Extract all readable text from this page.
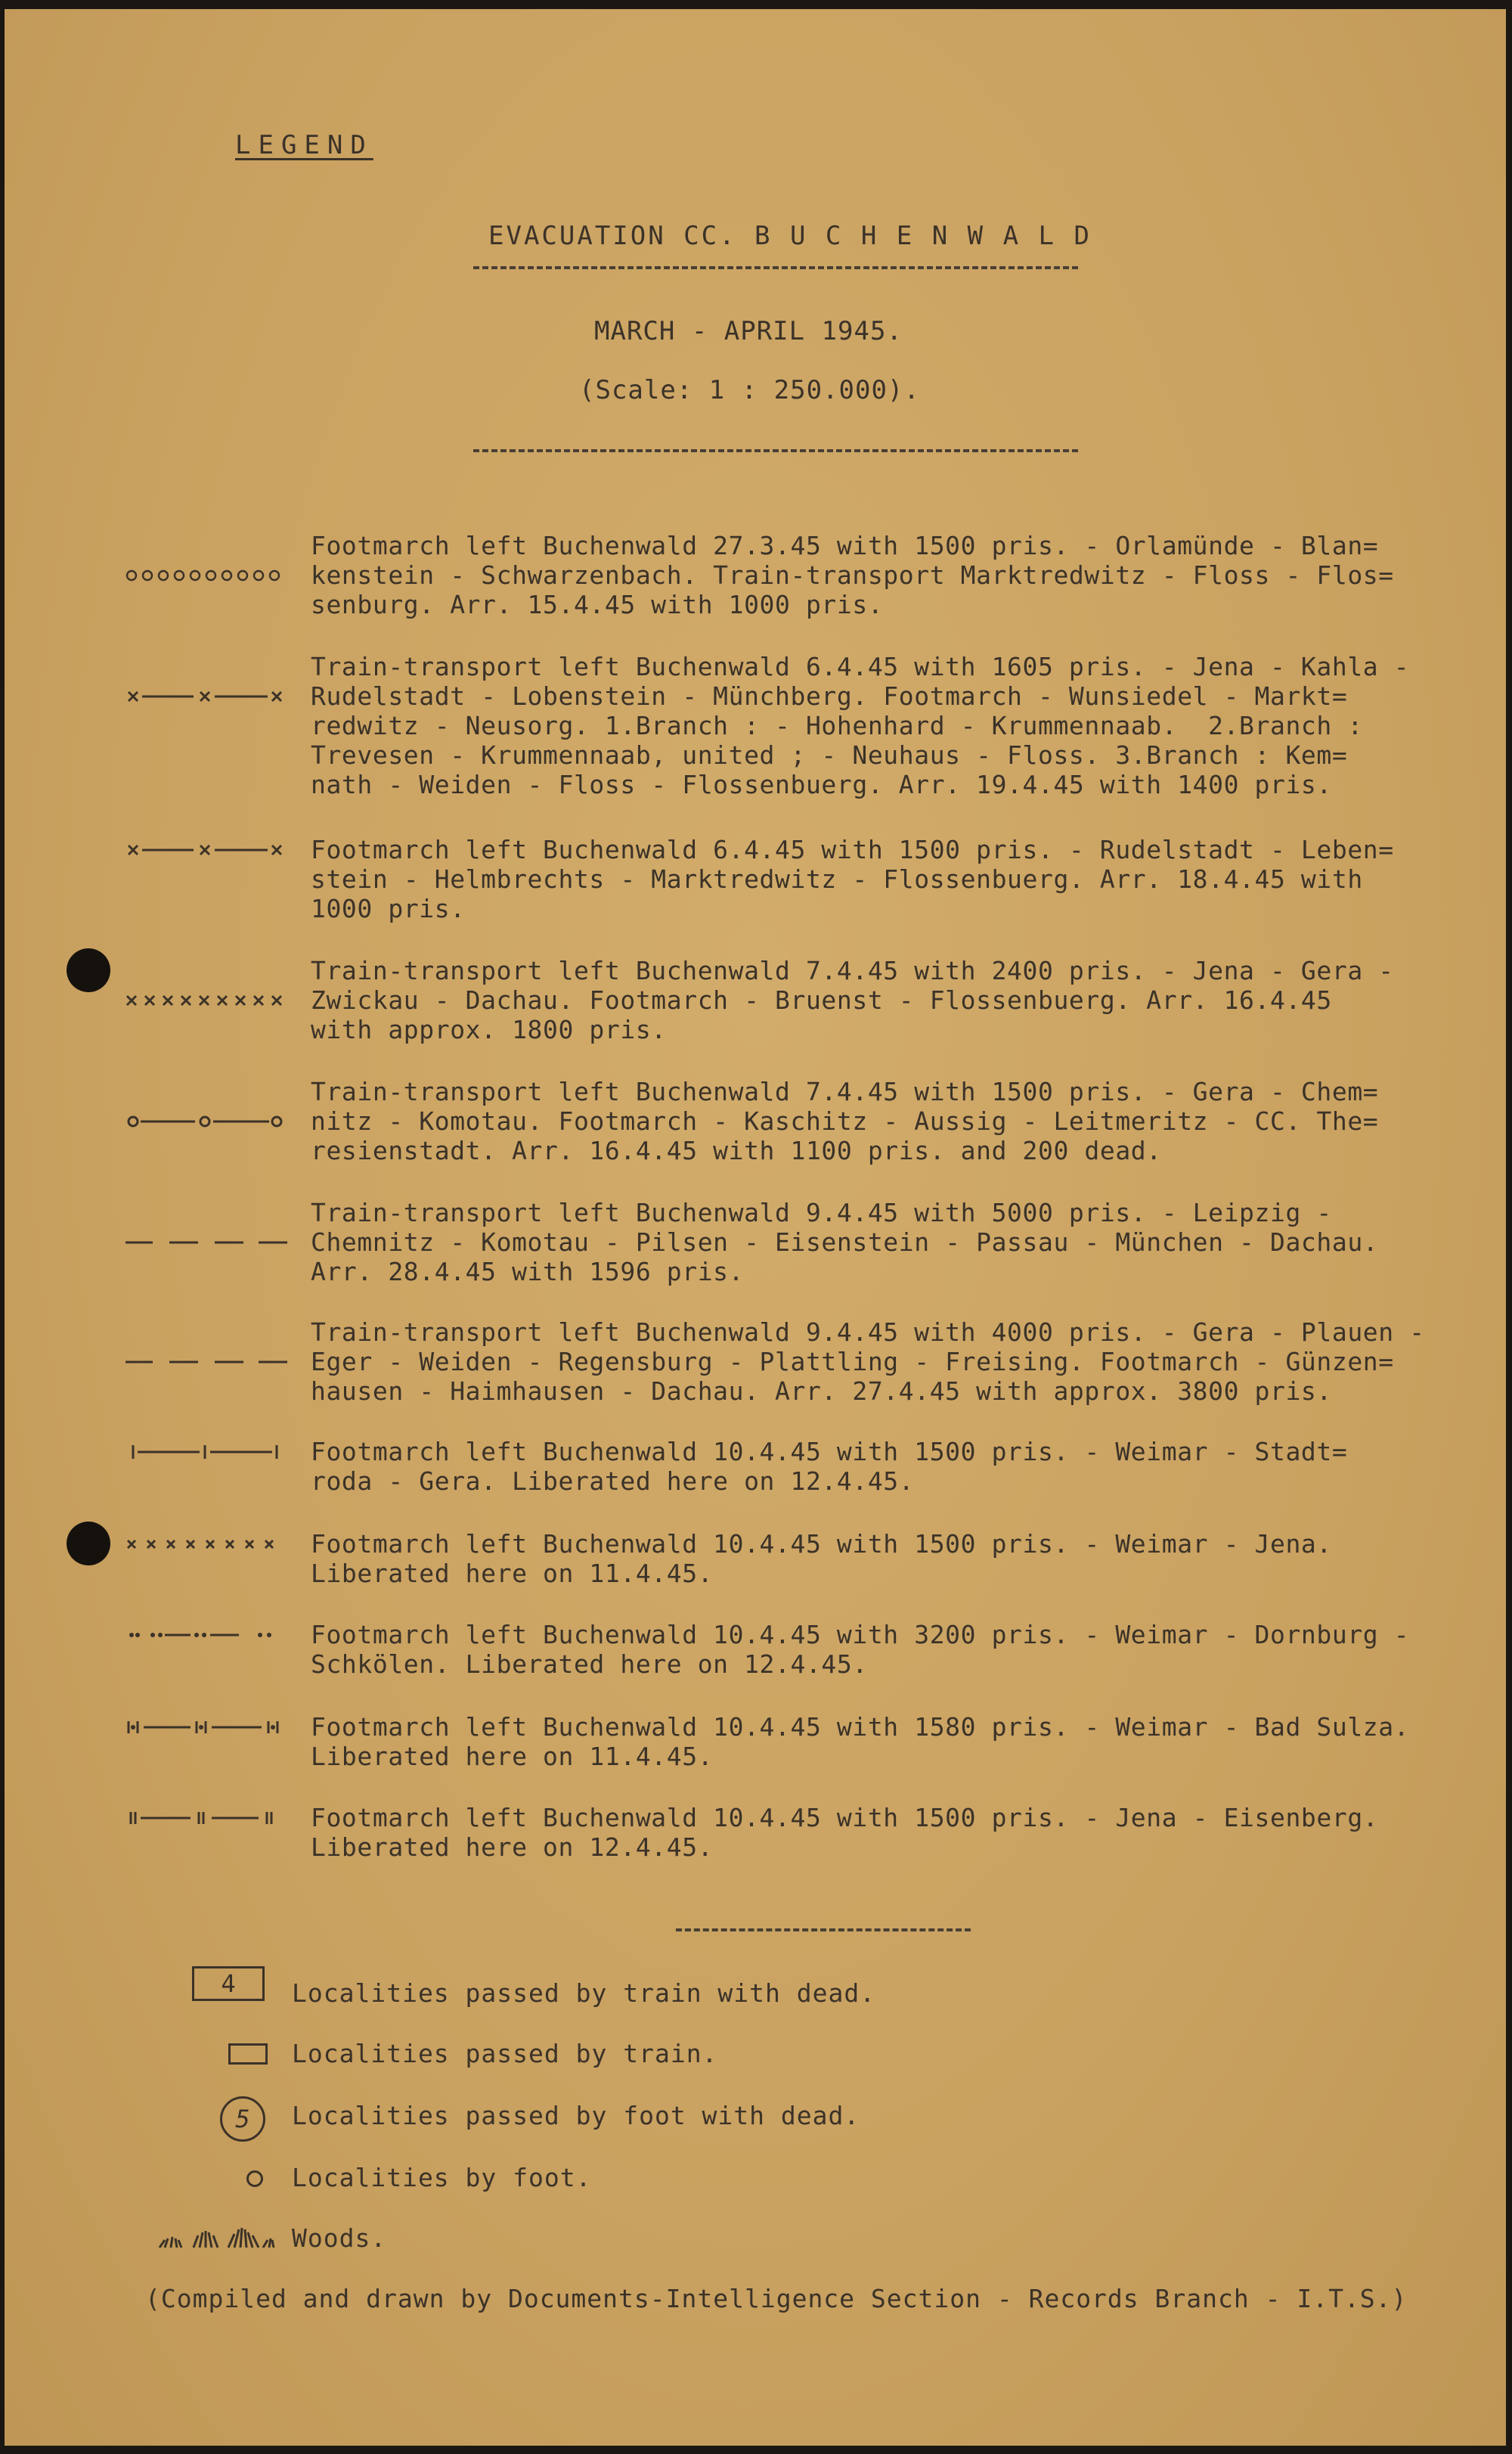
LEGEND
EVACUATION CC. B U C H E N W A L D
MARCH - APRIL 1945.
(Scale: 1 : 250.000).
Footmarch left Buchenwald 27.3.45 with 1500 pris. - Orlamünde - Blan=
kenstein - Schwarzenbach. Train-transport Marktredwitz - Floss - Flos=
senburg. Arr. 15.4.45 with 1000 pris.
Train-transport left Buchenwald 6.4.45 with 1605 pris. - Jena - Kahla -
Rudelstadt - Lobenstein - Münchberg. Footmarch - Wunsiedel - Markt=
redwitz - Neusorg. 1.Branch : - Hohenhard - Krummennaab.  2.Branch :
Trevesen - Krummennaab, united ; - Neuhaus - Floss. 3.Branch : Kem=
nath - Weiden - Floss - Flossenbuerg. Arr. 19.4.45 with 1400 pris.
Footmarch left Buchenwald 6.4.45 with 1500 pris. - Rudelstadt - Leben=
stein - Helmbrechts - Marktredwitz - Flossenbuerg. Arr. 18.4.45 with
1000 pris.
Train-transport left Buchenwald 7.4.45 with 2400 pris. - Jena - Gera -
Zwickau - Dachau. Footmarch - Bruenst - Flossenbuerg. Arr. 16.4.45
with approx. 1800 pris.
Train-transport left Buchenwald 7.4.45 with 1500 pris. - Gera - Chem=
nitz - Komotau. Footmarch - Kaschitz - Aussig - Leitmeritz - CC. The=
resienstadt. Arr. 16.4.45 with 1100 pris. and 200 dead.
Train-transport left Buchenwald 9.4.45 with 5000 pris. - Leipzig -
Chemnitz - Komotau - Pilsen - Eisenstein - Passau - München - Dachau.
Arr. 28.4.45 with 1596 pris.
Train-transport left Buchenwald 9.4.45 with 4000 pris. - Gera - Plauen -
Eger - Weiden - Regensburg - Plattling - Freising. Footmarch - Günzen=
hausen - Haimhausen - Dachau. Arr. 27.4.45 with approx. 3800 pris.
Footmarch left Buchenwald 10.4.45 with 1500 pris. - Weimar - Stadt=
roda - Gera. Liberated here on 12.4.45.
Footmarch left Buchenwald 10.4.45 with 1500 pris. - Weimar - Jena.
Liberated here on 11.4.45.
Footmarch left Buchenwald 10.4.45 with 3200 pris. - Weimar - Dornburg -
Schkölen. Liberated here on 12.4.45.
Footmarch left Buchenwald 10.4.45 with 1580 pris. - Weimar - Bad Sulza.
Liberated here on 11.4.45.
Footmarch left Buchenwald 10.4.45 with 1500 pris. - Jena - Eisenberg.
Liberated here on 12.4.45.
4	Localities passed by train with dead.
Localities passed by train.
5	Localities passed by foot with dead.
Localities by foot.
Woods.
(Compiled and drawn by Documents-Intelligence Section - Records Branch - I.T.S.)
